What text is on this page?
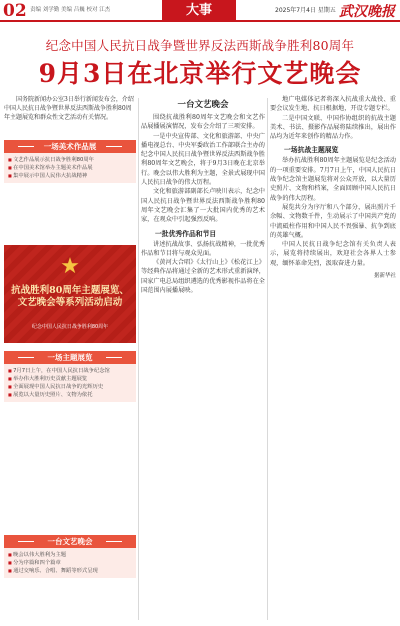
02 责编 刘学勤 美编 吕巍 校对 江杰	大事	2025年7月4日 星期五 武汉晚报
纪念中国人民抗日战争暨世界反法西斯战争胜利80周年
9月3日在北京举行文艺晚会

国务院新闻办公室3日举行新闻发布会，介绍中国人民抗日战争暨世界反法西斯战争胜利80周年主题展览和群众性文艺活动有关情况。

一场美术作品展
■ 文艺作品展示抗日战争胜利80周年
■ 在中国美术馆举办主题美术作品展
■ 集中展示中国人民伟大抗战精神
★
抗战胜利80周年主题展览、文艺晚会等系列活动启动
纪念中国人民抗日战争胜利80周年
一场主题展览
■ 7月7日上午，在中国人民抗日战争纪念馆
■ 举办伟大胜利历史贡献主题展览
■ 全面展现中国人民抗日战争的光辉历史
■ 展览以大量历史照片、文物为依托
一台文艺晚会
■ 晚会以伟大胜利为主题
■ 分为序篇和四个篇章
■ 通过交响乐、合唱、舞蹈等形式呈现
一台文艺晚会

围绕抗战胜利80周年文艺晚会和文艺作品展播展演情况，发布会介绍了三项安排。

一是中央宣传部、文化和旅游部、中央广播电视总台、中央军委政治工作部联合主办的纪念中国人民抗日战争暨世界反法西斯战争胜利80周年文艺晚会，将于9月3日晚在北京举行。晚会以伟大胜利为主题，全景式展现中国人民抗日战争的伟大历程。

文化和旅游部副部长卢映川表示，纪念中国人民抗日战争暨世界反法西斯战争胜利80周年文艺晚会汇集了一大批国内优秀的艺术家，在观众中引起强烈反响。

一批优秀作品和节目

讲述抗战故事、弘扬抗战精神，一批优秀作品和节目将与观众见面。

《黄河大合唱》《太行山上》《松花江上》等经典作品将通过全新的艺术形式重新演绎，国家广电总局组织遴选的优秀影视作品将在全国范围内展播展映。

地广电媒体记者将深入抗战重大战役、重要会议发生地、抗日根据地，开设专题专栏。

二是中国文联、中国作协组织的抗战主题美术、书法、摄影作品展将陆续推出，展出作品均为近年来创作的精品力作。

一场抗战主题展览

举办抗战胜利80周年主题展览是纪念活动的一项重要安排。7月7日上午，中国人民抗日战争纪念馆主题展览将对公众开放，以大量历史照片、文物和档案，全面回顾中国人民抗日战争的伟大历程。

展览共分为序厅和八个部分，展出照片千余幅、文物数千件，生动展示了中国共产党的中流砥柱作用和中国人民不畏强暴、抗争到底的英雄气概。

中国人民抗日战争纪念馆有关负责人表示，展览将持续展出，欢迎社会各界人士参观，缅怀革命先烈，汲取奋进力量。

据新华社
